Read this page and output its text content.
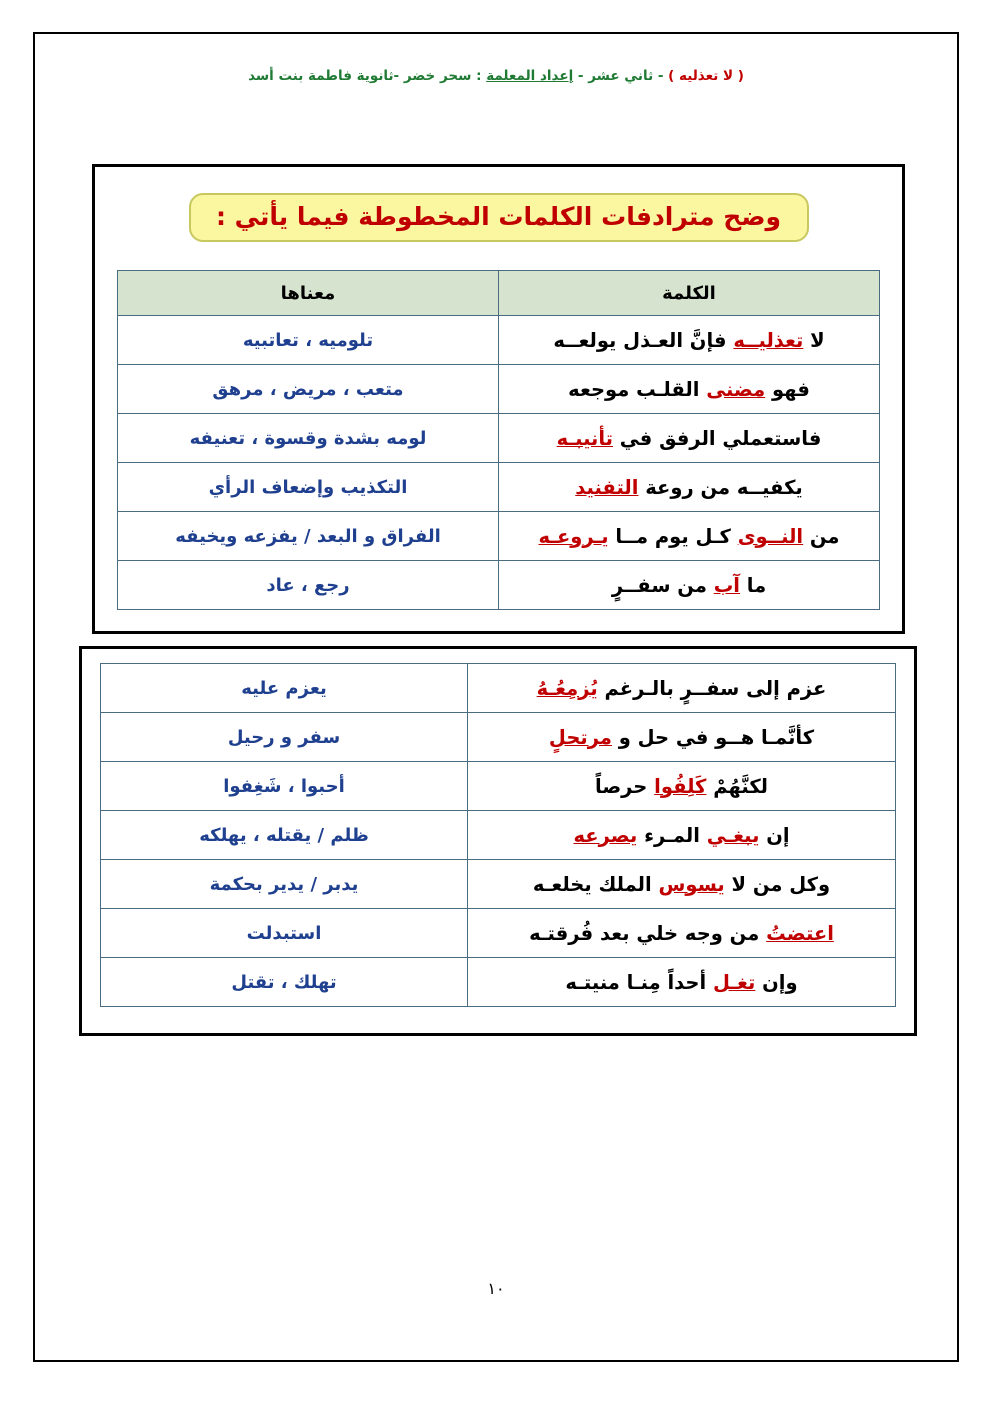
( لا تعذليه ) - ثاني عشر - إعداد المعلمة : سحر خضر -ثانوية فاطمة بنت أسد
وضح مترادفات الكلمات المخطوطة فيما يأتي :
الكلمة	معناها
لا تعذليــه فإنَّ العـذل يولعــه	تلوميه ، تعاتبيه
فهو مضنى القلـب موجعه	متعب ، مريض ، مرهق
فاستعملي الرفق في تأنيبـه	لومه بشدة وقسوة ، تعنيفه
يكفيــه من روعة التفنيد	التكذيب وإضعاف الرأي
من النــوى كـل يوم مــا يـروعـه	الفراق و البعد / يفزعه ويخيفه
ما آب من سفــرٍ	رجع ، عاد
عزم إلى سفــرٍ بالـرغم يُزمِعُـهُ	يعزم عليه
كأنَّمـا هــو في حل و مرتحلٍ	سفر و رحيل
لكنَّهُمْ كَلِفُوا حرصاً	أحبوا ، شَغِفوا
إن يبغـي المـرء يصرعه	ظلم / يقتله ، يهلكه
وكل من لا يسوس الملك يخلعـه	يدبر / يدير بحكمة
اعتضتُ من وجه خلي بعد فُرقتـه	استبدلت
وإن تغـل أحداً مِنـا منيتـه	تهلك ، تقتل
١٠
